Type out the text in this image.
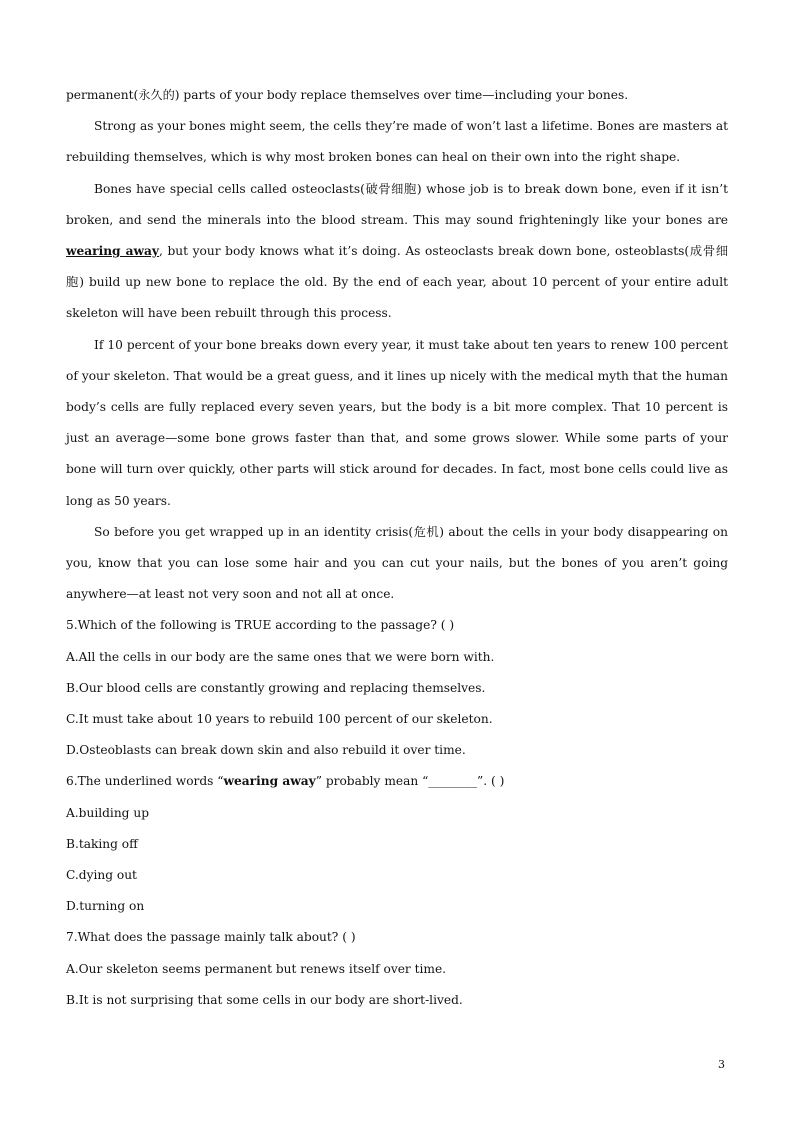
permanent(永久的) parts of your body replace themselves over time—including your bones.

Strong as your bones might seem, the cells they’re made of won’t last a lifetime. Bones are masters at rebuilding themselves, which is why most broken bones can heal on their own into the right shape.

Bones have special cells called osteoclasts(破骨细胞) whose job is to break down bone, even if it isn’t broken, and send the minerals into the blood stream. This may sound frighteningly like your bones are wearing away, but your body knows what it’s doing. As osteoclasts break down bone, osteoblasts(成骨细胞) build up new bone to replace the old. By the end of each year, about 10 percent of your entire adult skeleton will have been rebuilt through this process.

If 10 percent of your bone breaks down every year, it must take about ten years to renew 100 percent of your skeleton. That would be a great guess, and it lines up nicely with the medical myth that the human body’s cells are fully replaced every seven years, but the body is a bit more complex. That 10 percent is just an average—some bone grows faster than that, and some grows slower. While some parts of your bone will turn over quickly, other parts will stick around for decades. In fact, most bone cells could live as long as 50 years.

So before you get wrapped up in an identity crisis(危机) about the cells in your body disappearing on you, know that you can lose some hair and you can cut your nails, but the bones of you aren’t going anywhere—at least not very soon and not all at once.

5.Which of the following is TRUE according to the passage? ( )

A.All the cells in our body are the same ones that we were born with.

B.Our blood cells are constantly growing and replacing themselves.

C.It must take about 10 years to rebuild 100 percent of our skeleton.

D.Osteoblasts can break down skin and also rebuild it over time.

6.The underlined words “wearing away” probably mean “________”. ( )

A.building up

B.taking off

C.dying out

D.turning on

7.What does the passage mainly talk about? ( )

A.Our skeleton seems permanent but renews itself over time.

B.It is not surprising that some cells in our body are short-lived.

3
